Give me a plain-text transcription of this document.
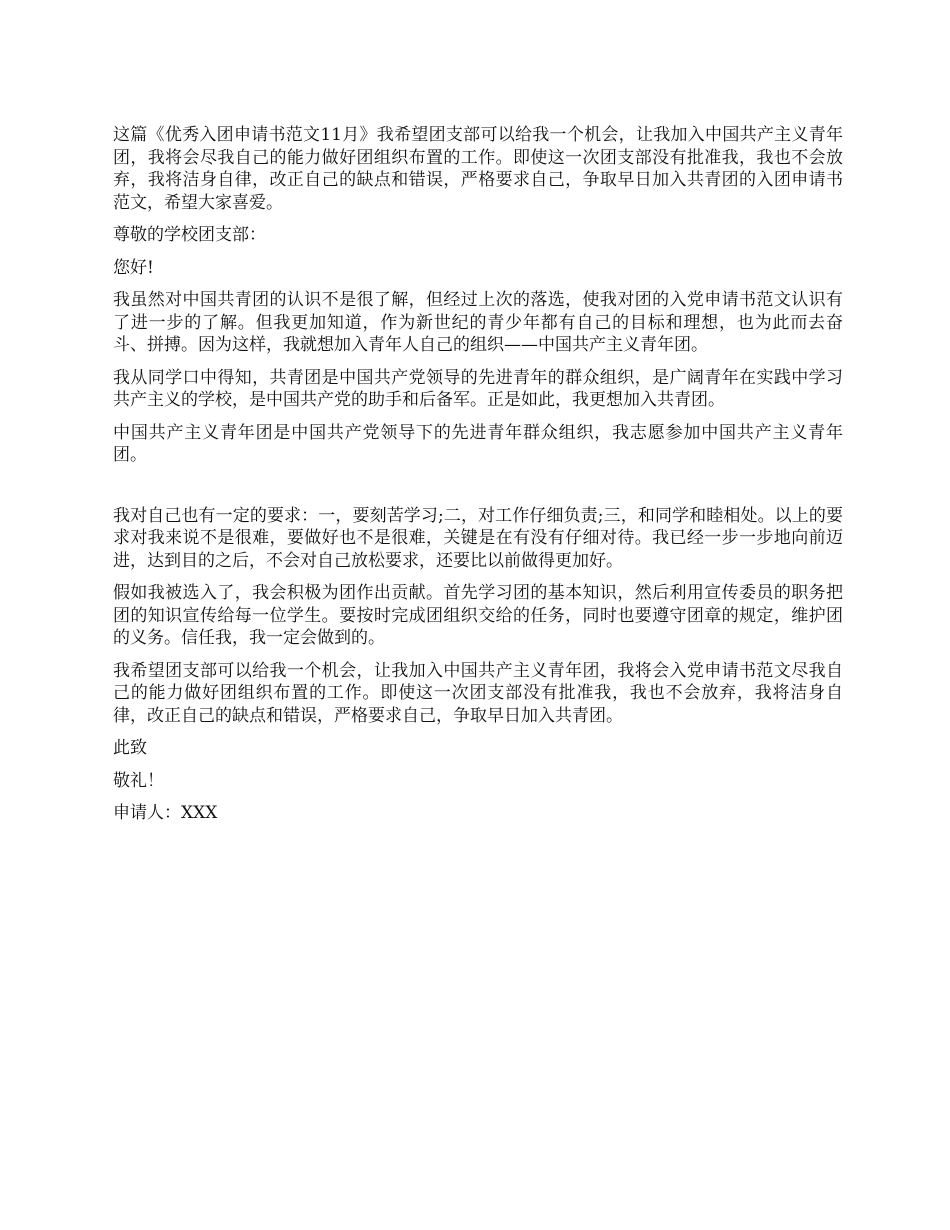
这篇《优秀入团申请书范文11月》我希望团支部可以给我一个机会，让我加入中国共产主义青年团，我将会尽我自己的能力做好团组织布置的工作。即使这一次团支部没有批准我，我也不会放弃，我将洁身自律，改正自己的缺点和错误，严格要求自己，争取早日加入共青团的入团申请书范文，希望大家喜爱。

尊敬的学校团支部：

您好!

我虽然对中国共青团的认识不是很了解，但经过上次的落选，使我对团的入党申请书范文认识有了进一步的了解。但我更加知道，作为新世纪的青少年都有自己的目标和理想，也为此而去奋斗、拼搏。因为这样，我就想加入青年人自己的组织——中国共产主义青年团。

我从同学口中得知，共青团是中国共产党领导的先进青年的群众组织，是广阔青年在实践中学习共产主义的学校，是中国共产党的助手和后备军。正是如此，我更想加入共青团。

中国共产主义青年团是中国共产党领导下的先进青年群众组织，我志愿参加中国共产主义青年团。

我对自己也有一定的要求：一，要刻苦学习;二，对工作仔细负责;三，和同学和睦相处。以上的要求对我来说不是很难，要做好也不是很难，关键是在有没有仔细对待。我已经一步一步地向前迈进，达到目的之后，不会对自己放松要求，还要比以前做得更加好。

假如我被选入了，我会积极为团作出贡献。首先学习团的基本知识，然后利用宣传委员的职务把团的知识宣传给每一位学生。要按时完成团组织交给的任务，同时也要遵守团章的规定，维护团的义务。信任我，我一定会做到的。

我希望团支部可以给我一个机会，让我加入中国共产主义青年团，我将会入党申请书范文尽我自己的能力做好团组织布置的工作。即使这一次团支部没有批准我，我也不会放弃，我将洁身自律，改正自己的缺点和错误，严格要求自己，争取早日加入共青团。

此致

敬礼！

申请人：XXX
